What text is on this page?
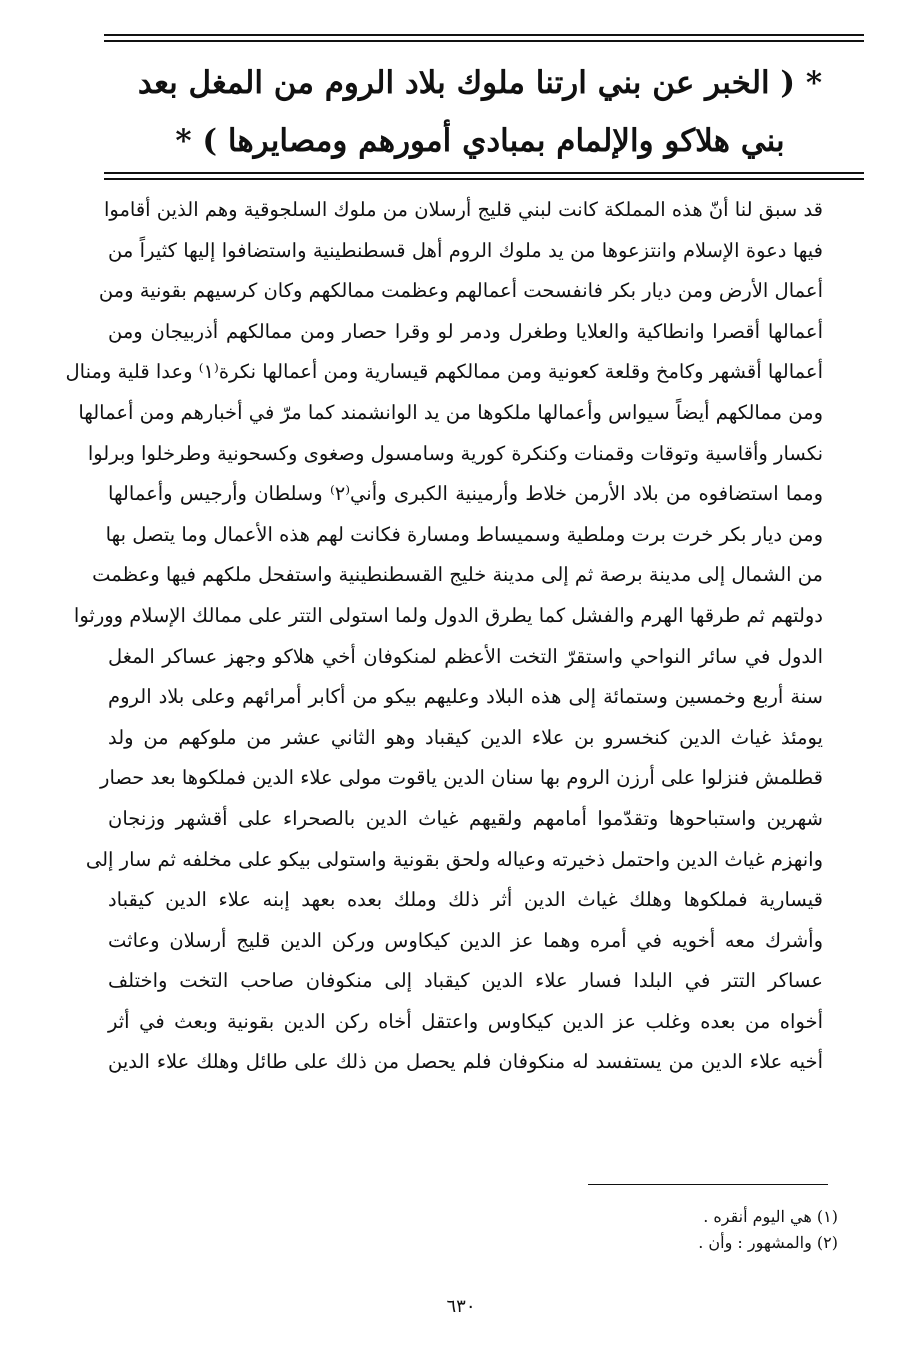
* ( الخبر عن بني ارتنا ملوك بلاد الروم من المغل بعد
بني هلاكو والإلمام بمبادي أمورهم ومصايرها ) *
قد سبق لنا أنّ هذه المملكة كانت لبني قليج أرسلان من ملوك السلجوقية وهم الذين أقاموا
فيها دعوة الإسلام وانتزعوها من يد ملوك الروم أهل قسطنطينية واستضافوا إليها كثيراً من
أعمال الأرض ومن ديار بكر فانفسحت أعمالهم وعظمت ممالكهم وكان كرسيهم بقونية ومن
أعمالها أقصرا وانطاكية والعلايا وطغرل ودمر لو وقرا حصار ومن ممالكهم أذربيجان ومن
أعمالها أقشهر وكامخ وقلعة كعونية ومن ممالكهم قيسارية ومن أعمالها نكرة⁽١⁾ وعدا قلية ومنال
ومن ممالكهم أيضاً سيواس وأعمالها ملكوها من يد الوانشمند كما مرّ في أخبارهم ومن أعمالها
نكسار وأقاسية وتوقات وقمنات وكنكرة كورية وسامسول وصغوى وكسحونية وطرخلوا وبرلوا
ومما استضافوه من بلاد الأرمن خلاط وأرمينية الكبرى وأني⁽٢⁾ وسلطان وأرجيس وأعمالها
ومن ديار بكر خرت برت وملطية وسميساط ومسارة فكانت لهم هذه الأعمال وما يتصل بها
من الشمال إلى مدينة برصة ثم إلى مدينة خليج القسطنطينية واستفحل ملكهم فيها وعظمت
دولتهم ثم طرقها الهرم والفشل كما يطرق الدول ولما استولى التتر على ممالك الإسلام وورثوا
الدول في سائر النواحي واستقرّ التخت الأعظم لمنكوفان أخي هلاكو وجهز عساكر المغل
سنة أربع وخمسين وستمائة إلى هذه البلاد وعليهم بيكو من أكابر أمرائهم وعلى بلاد الروم
يومئذ غياث الدين كنخسرو بن علاء الدين كيقباد وهو الثاني عشر من ملوكهم من ولد
قطلمش فنزلوا على أرزن الروم بها سنان الدين ياقوت مولى علاء الدين فملكوها بعد حصار
شهرين واستباحوها وتقدّموا أمامهم ولقيهم غياث الدين بالصحراء على أقشهر وزنجان
وانهزم غياث الدين واحتمل ذخيرته وعياله ولحق بقونية واستولى بيكو على مخلفه ثم سار إلى
قيسارية فملكوها وهلك غياث الدين أثر ذلك وملك بعده بعهد إبنه علاء الدين كيقباد
وأشرك معه أخويه في أمره وهما عز الدين كيكاوس وركن الدين قليج أرسلان وعاثت
عساكر التتر في البلدا فسار علاء الدين كيقباد إلى منكوفان صاحب التخت واختلف
أخواه من بعده وغلب عز الدين كيكاوس واعتقل أخاه ركن الدين بقونية وبعث في أثر
أخيه علاء الدين من يستفسد له منكوفان فلم يحصل من ذلك على طائل وهلك علاء الدين
(١) هي اليوم أنقره .
(٢) والمشهور : وأن .
٦٣٠
